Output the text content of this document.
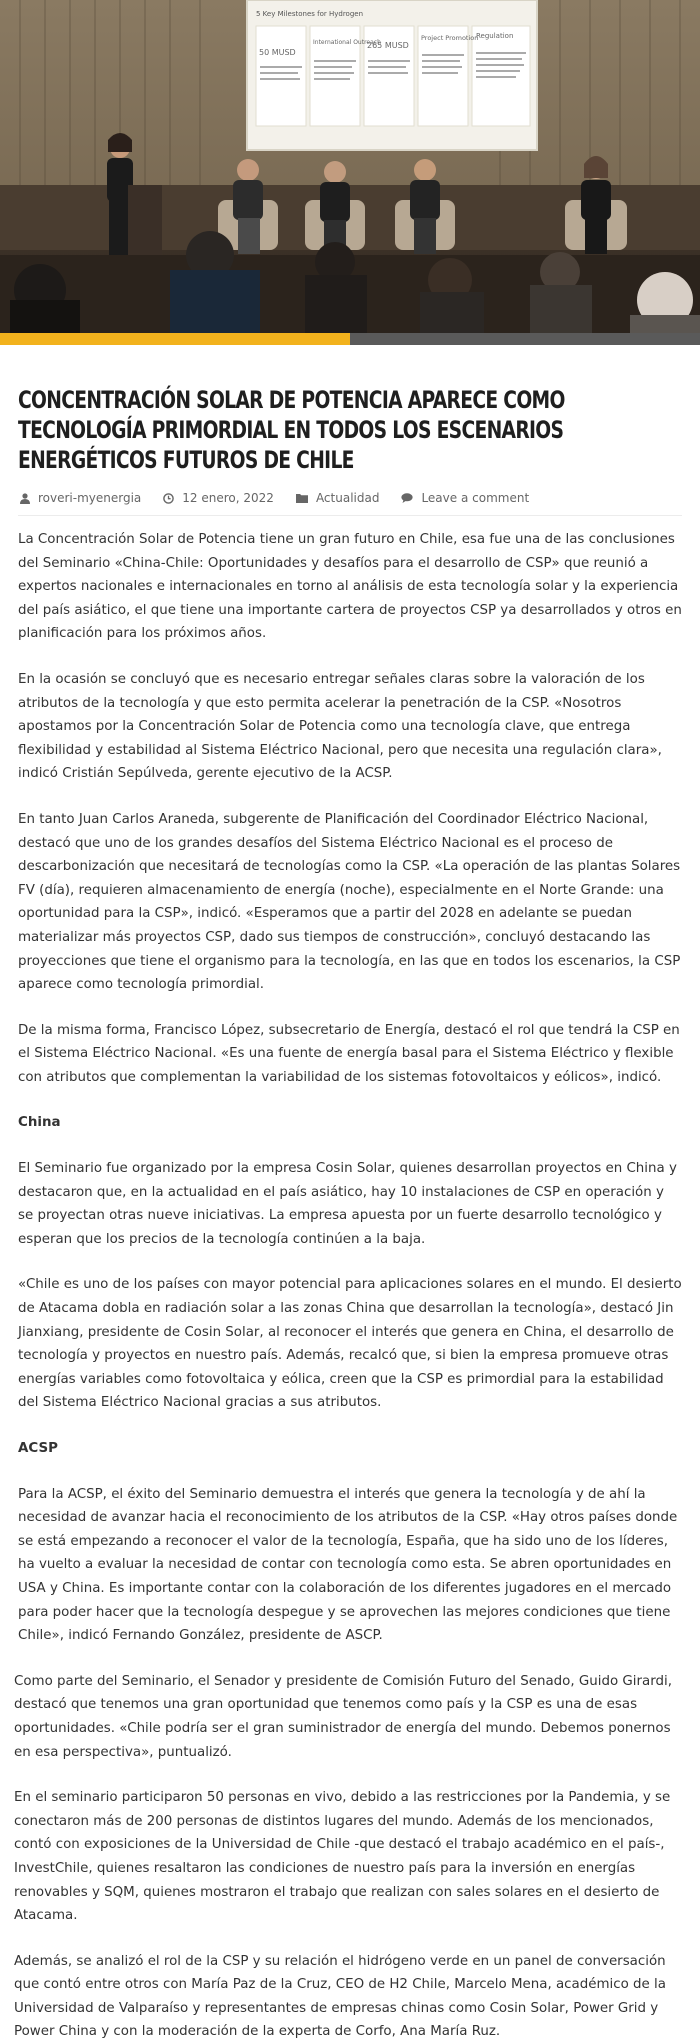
5 Key Milestones for Hydrogen
50 MUSD
International Outreach
265 MUSD
Project Promotion
Regulation
CONCENTRACIÓN SOLAR DE POTENCIA APARECE COMO TECNOLOGÍA PRIMORDIAL EN TODOS LOS ESCENARIOS ENERGÉTICOS FUTUROS DE CHILE
roveri-myenergia	12 enero, 2022	Actualidad	Leave a comment

La Concentración Solar de Potencia tiene un gran futuro en Chile, esa fue una de las conclusiones del Seminario «China-Chile: Oportunidades y desafíos para el desarrollo de CSP» que reunió a expertos nacionales e internacionales en torno al análisis de esta tecnología solar y la experiencia del país asiático, el que tiene una importante cartera de proyectos CSP ya desarrollados y otros en planificación para los próximos años.

En la ocasión se concluyó que es necesario entregar señales claras sobre la valoración de los atributos de la tecnología y que esto permita acelerar la penetración de la CSP. «Nosotros apostamos por la Concentración Solar de Potencia como una tecnología clave, que entrega flexibilidad y estabilidad al Sistema Eléctrico Nacional, pero que necesita una regulación clara», indicó Cristián Sepúlveda, gerente ejecutivo de la ACSP.

En tanto Juan Carlos Araneda, subgerente de Planificación del Coordinador Eléctrico Nacional, destacó que uno de los grandes desafíos del Sistema Eléctrico Nacional es el proceso de descarbonización que necesitará de tecnologías como la CSP. «La operación de las plantas Solares FV (día), requieren almacenamiento de energía (noche), especialmente en el Norte Grande: una oportunidad para la CSP», indicó. «Esperamos que a partir del 2028 en adelante se puedan materializar más proyectos CSP, dado sus tiempos de construcción», concluyó destacando las proyecciones que tiene el organismo para la tecnología, en las que en todos los escenarios, la CSP aparece como tecnología primordial.

De la misma forma, Francisco López, subsecretario de Energía, destacó el rol que tendrá la CSP en el Sistema Eléctrico Nacional. «Es una fuente de energía basal para el Sistema Eléctrico y flexible con atributos que complementan la variabilidad de los sistemas fotovoltaicos y eólicos», indicó.

China

El Seminario fue organizado por la empresa Cosin Solar, quienes desarrollan proyectos en China y destacaron que, en la actualidad en el país asiático, hay 10 instalaciones de CSP en operación y se proyectan otras nueve iniciativas. La empresa apuesta por un fuerte desarrollo tecnológico y esperan que los precios de la tecnología continúen a la baja.

«Chile es uno de los países con mayor potencial para aplicaciones solares en el mundo. El desierto de Atacama dobla en radiación solar a las zonas China que desarrollan la tecnología», destacó Jin Jianxiang, presidente de Cosin Solar, al reconocer el interés que genera en China, el desarrollo de tecnología y proyectos en nuestro país. Además, recalcó que, si bien la empresa promueve otras energías variables como fotovoltaica y eólica, creen que la CSP es primordial para la estabilidad del Sistema Eléctrico Nacional gracias a sus atributos.

ACSP

Para la ACSP, el éxito del Seminario demuestra el interés que genera la tecnología y de ahí la necesidad de avanzar hacia el reconocimiento de los atributos de la CSP. «Hay otros países donde se está empezando a reconocer el valor de la tecnología, España, que ha sido uno de los líderes, ha vuelto a evaluar la necesidad de contar con tecnología como esta. Se abren oportunidades en USA y China. Es importante contar con la colaboración de los diferentes jugadores en el mercado para poder hacer que la tecnología despegue y se aprovechen las mejores condiciones que tiene Chile», indicó Fernando González, presidente de ASCP.

Como parte del Seminario, el Senador y presidente de Comisión Futuro del Senado, Guido Girardi, destacó que tenemos una gran oportunidad que tenemos como país y la CSP es una de esas oportunidades. «Chile podría ser el gran suministrador de energía del mundo. Debemos ponernos en esa perspectiva», puntualizó.

En el seminario participaron 50 personas en vivo, debido a las restricciones por la Pandemia, y se conectaron más de 200 personas de distintos lugares del mundo. Además de los mencionados, contó con exposiciones de la Universidad de Chile -que destacó el trabajo académico en el país-, InvestChile, quienes resaltaron las condiciones de nuestro país para la inversión en energías renovables y SQM, quienes mostraron el trabajo que realizan con sales solares en el desierto de Atacama.

Además, se analizó el rol de la CSP y su relación el hidrógeno verde en un panel de conversación que contó entre otros con María Paz de la Cruz, CEO de H2 Chile, Marcelo Mena, académico de la Universidad de Valparaíso y representantes de empresas chinas como Cosin Solar, Power Grid y Power China y con la moderación de la experta de Corfo, Ana María Ruz.
